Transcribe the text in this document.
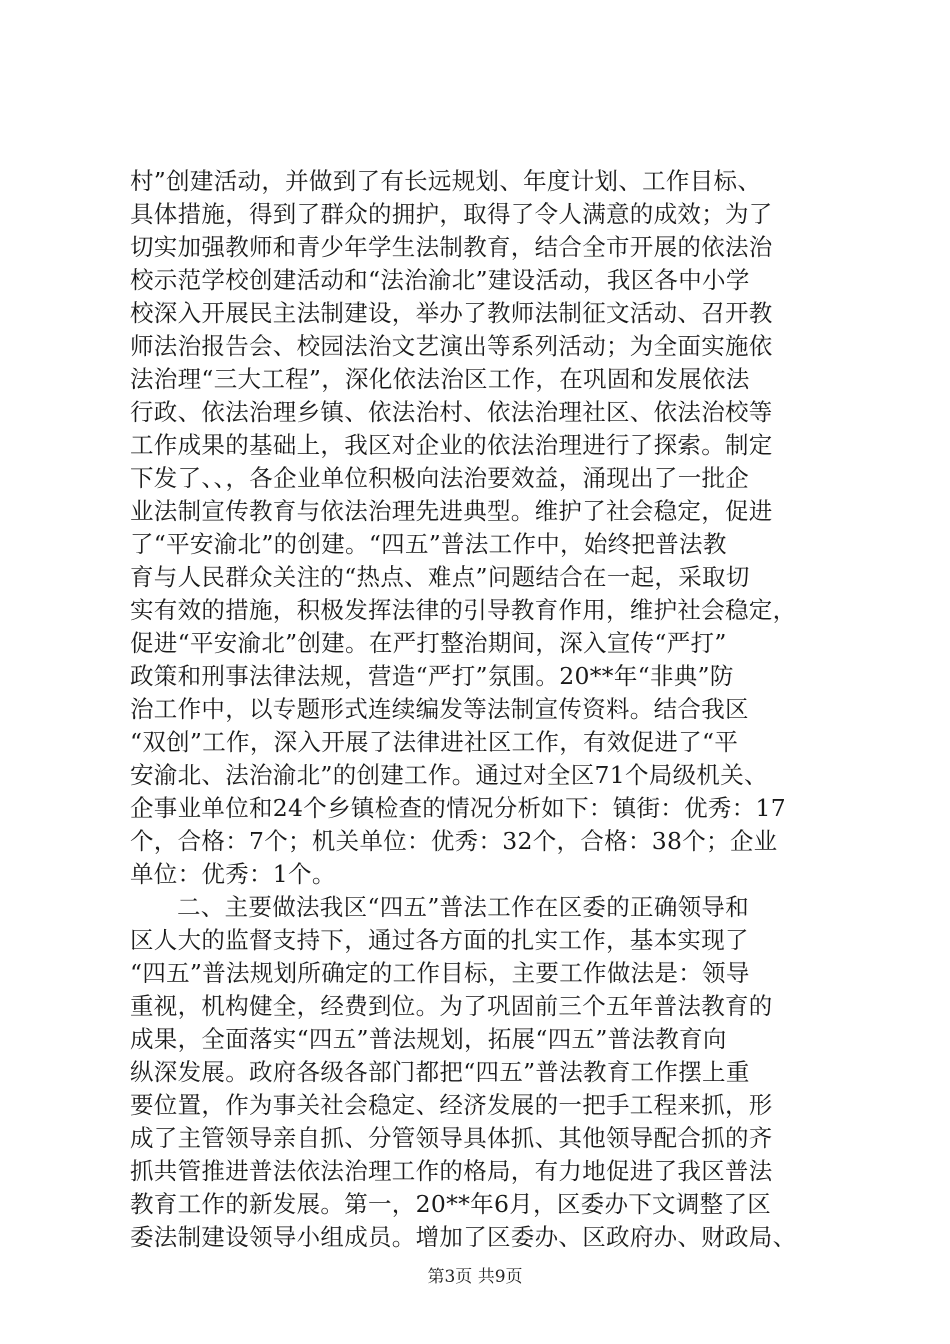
村”创建活动，并做到了有长远规划、年度计划、工作目标、
具体措施，得到了群众的拥护，取得了令人满意的成效；为了
切实加强教师和青少年学生法制教育，结合全市开展的依法治
校示范学校创建活动和“法治渝北”建设活动，我区各中小学
校深入开展民主法制建设，举办了教师法制征文活动、召开教
师法治报告会、校园法治文艺演出等系列活动；为全面实施依
法治理“三大工程”，深化依法治区工作，在巩固和发展依法
行政、依法治理乡镇、依法治村、依法治理社区、依法治校等
工作成果的基础上，我区对企业的依法治理进行了探索。制定
下发了、、，各企业单位积极向法治要效益，涌现出了一批企
业法制宣传教育与依法治理先进典型。维护了社会稳定，促进
了“平安渝北”的创建。“四五”普法工作中，始终把普法教
育与人民群众关注的“热点、难点”问题结合在一起，采取切
实有效的措施，积极发挥法律的引导教育作用，维护社会稳定，
促进“平安渝北”创建。在严打整治期间，深入宣传“严打”
政策和刑事法律法规，营造“严打”氛围。20**年“非典”防
治工作中，以专题形式连续编发等法制宣传资料。结合我区
“双创”工作，深入开展了法律进社区工作，有效促进了“平
安渝北、法治渝北”的创建工作。通过对全区71个局级机关、
企事业单位和24个乡镇检查的情况分析如下：镇街：优秀：17
个，合格：7个；机关单位：优秀：32个，合格：38个；企业
单位：优秀：1个。
二、主要做法我区“四五”普法工作在区委的正确领导和
区人大的监督支持下，通过各方面的扎实工作，基本实现了
“四五”普法规划所确定的工作目标，主要工作做法是：领导
重视，机构健全，经费到位。为了巩固前三个五年普法教育的
成果，全面落实“四五”普法规划，拓展“四五”普法教育向
纵深发展。政府各级各部门都把“四五”普法教育工作摆上重
要位置，作为事关社会稳定、经济发展的一把手工程来抓，形
成了主管领导亲自抓、分管领导具体抓、其他领导配合抓的齐
抓共管推进普法依法治理工作的格局，有力地促进了我区普法
教育工作的新发展。第一，20**年6月，区委办下文调整了区
委法制建设领导小组成员。增加了区委办、区政府办、财政局、
第3页 共9页
